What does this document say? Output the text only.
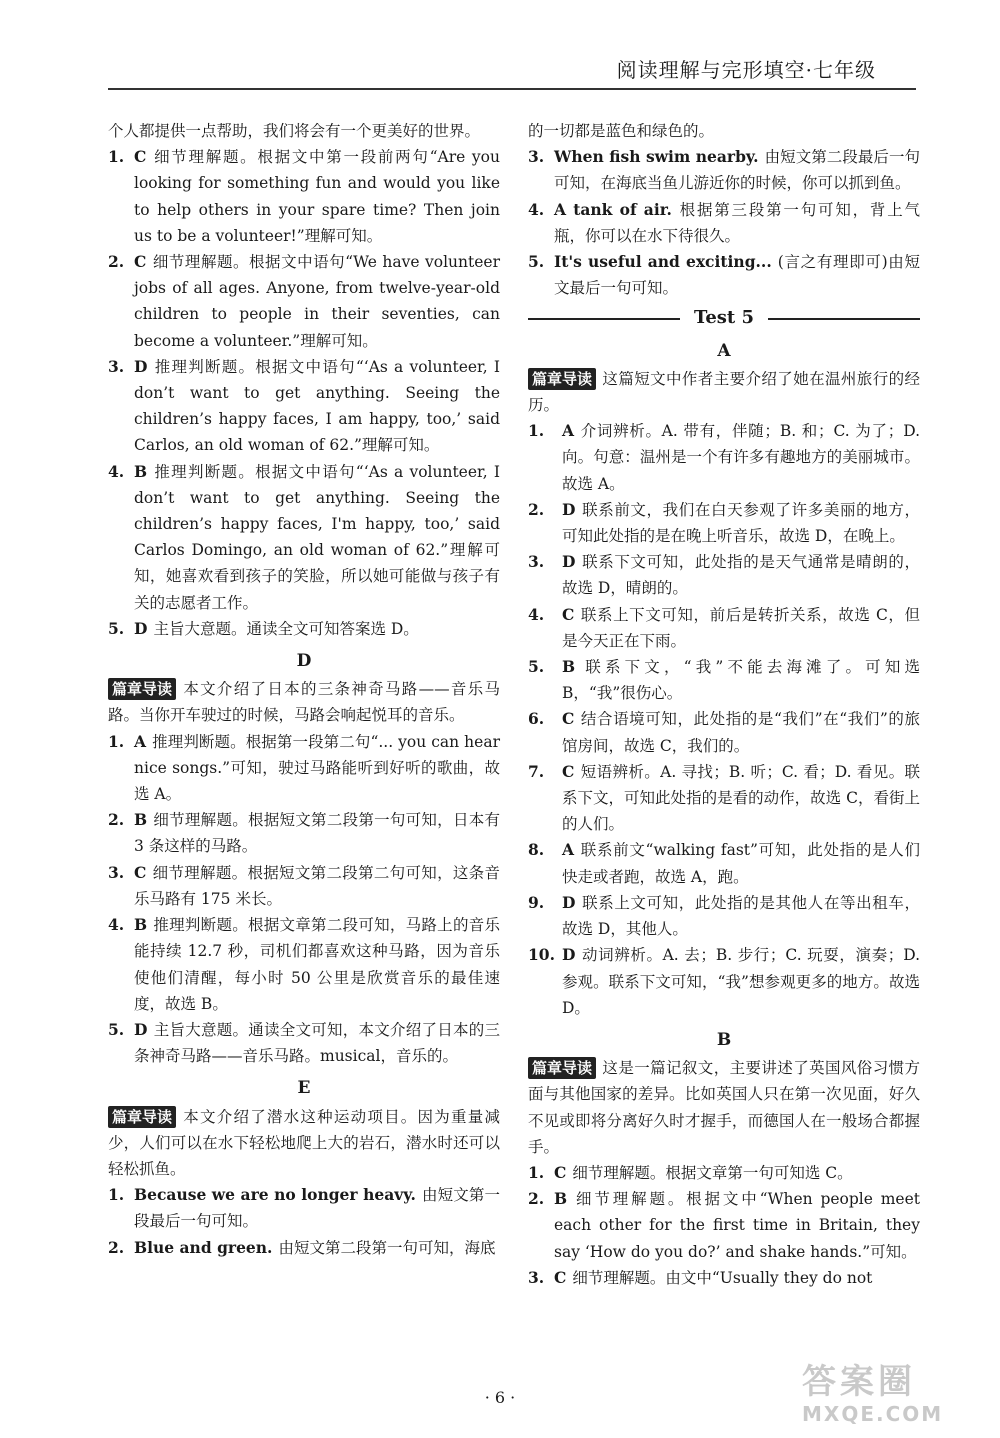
阅读理解与完形填空·七年级

个人都提供一点帮助，我们将会有一个更美好的世界。

1. C 细节理解题。根据文中第一段前两句“Are you looking for something fun and would you like to help others in your spare time? Then join us to be a volunteer!”理解可知。
2. C 细节理解题。根据文中语句“We have volunteer jobs of all ages. Anyone, from twelve-year-old children to people in their seventies, can become a volunteer.”理解可知。
3. D 推理判断题。根据文中语句“‘As a volunteer, I don’t want to get anything. Seeing the children’s happy faces, I am happy, too,’ said Carlos, an old woman of 62.”理解可知。
4. B 推理判断题。根据文中语句“‘As a volunteer, I don’t want to get anything. Seeing the children’s happy faces, I'm happy, too,’ said Carlos Domingo, an old woman of 62.”理解可知，她喜欢看到孩子的笑脸，所以她可能做与孩子有关的志愿者工作。
5. D 主旨大意题。通读全文可知答案选 D。
D

篇章导读 本文介绍了日本的三条神奇马路——音乐马路。当你开车驶过的时候，马路会响起悦耳的音乐。

1. A 推理判断题。根据第一段第二句“... you can hear nice songs.”可知，驶过马路能听到好听的歌曲，故选 A。
2. B 细节理解题。根据短文第二段第一句可知，日本有 3 条这样的马路。
3. C 细节理解题。根据短文第二段第二句可知，这条音乐马路有 175 米长。
4. B 推理判断题。根据文章第二段可知，马路上的音乐能持续 12.7 秒，司机们都喜欢这种马路，因为音乐使他们清醒，每小时 50 公里是欣赏音乐的最佳速度，故选 B。
5. D 主旨大意题。通读全文可知，本文介绍了日本的三条神奇马路——音乐马路。musical，音乐的。
E

篇章导读 本文介绍了潜水这种运动项目。因为重量减少，人们可以在水下轻松地爬上大的岩石，潜水时还可以轻松抓鱼。

1. Because we are no longer heavy. 由短文第一段最后一句可知。
2. Blue and green. 由短文第二段第一句可知，海底

的一切都是蓝色和绿色的。

3. When fish swim nearby. 由短文第二段最后一句可知，在海底当鱼儿游近你的时候，你可以抓到鱼。
4. A tank of air. 根据第三段第一句可知，背上气瓶，你可以在水下待很久。
5. It's useful and exciting... (言之有理即可)由短文最后一句可知。
Test 5
A

篇章导读 这篇短文中作者主要介绍了她在温州旅行的经历。

1.	A 介词辨析。A. 带有，伴随；B. 和；C. 为了；D. 向。句意：温州是一个有许多有趣地方的美丽城市。故选 A。
2.	D 联系前文，我们在白天参观了许多美丽的地方，可知此处指的是在晚上听音乐，故选 D，在晚上。
3.	D 联系下文可知，此处指的是天气通常是晴朗的，故选 D，晴朗的。
4.	C 联系上下文可知，前后是转折关系，故选 C，但是今天正在下雨。
5.	B 联系下文，“我”不能去海滩了。可知选 B，“我”很伤心。
6.	C 结合语境可知，此处指的是“我们”在“我们”的旅馆房间，故选 C，我们的。
7.	C 短语辨析。A. 寻找；B. 听；C. 看；D. 看见。联系下文，可知此处指的是看的动作，故选 C，看街上的人们。
8.	A 联系前文“walking fast”可知，此处指的是人们快走或者跑，故选 A，跑。
9.	D 联系上文可知，此处指的是其他人在等出租车，故选 D，其他人。
10. D 动词辨析。A. 去；B. 步行；C. 玩耍，演奏；D. 参观。联系下文可知，“我”想参观更多的地方。故选 D。
B

篇章导读 这是一篇记叙文，主要讲述了英国风俗习惯方面与其他国家的差异。比如英国人只在第一次见面，好久不见或即将分离好久时才握手，而德国人在一般场合都握手。

1. C 细节理解题。根据文章第一句可知选 C。
2. B 细节理解题。根据文中“When people meet each other for the first time in Britain, they say ‘How do you do?’ and shake hands.”可知。
3. C 细节理解题。由文中“Usually they do not
· 6 ·	答案圈
MXQE.COM
